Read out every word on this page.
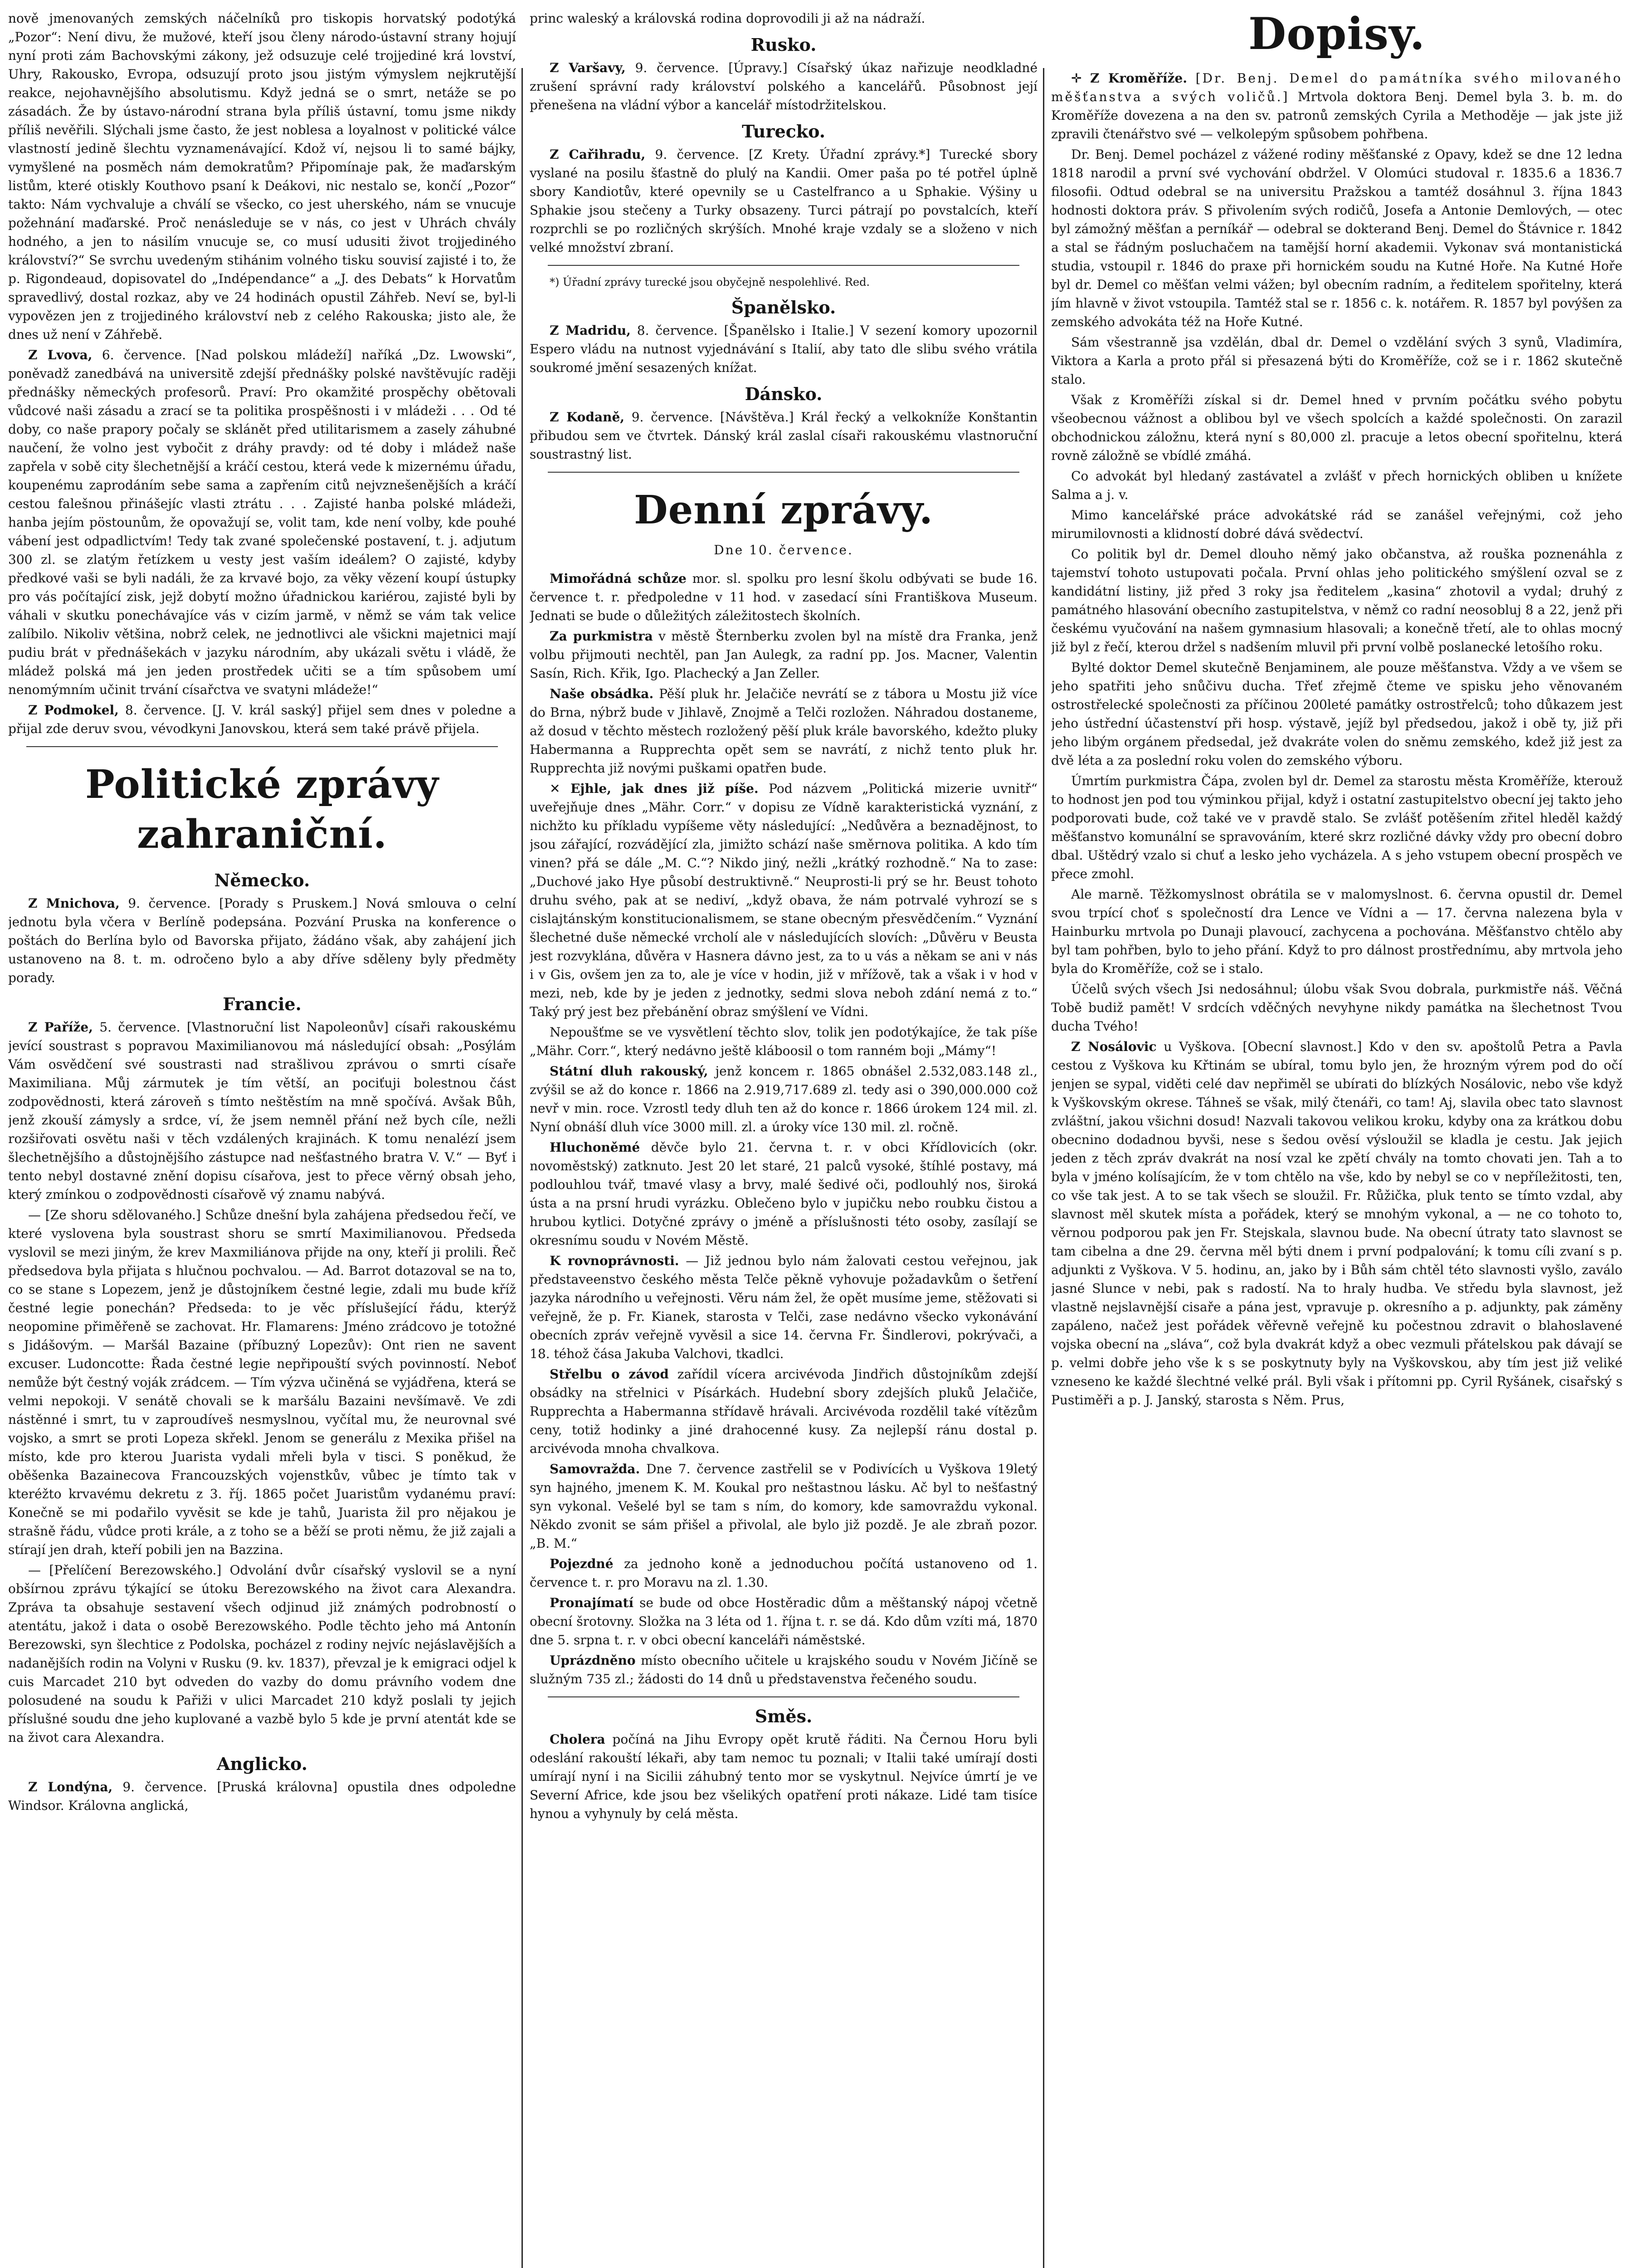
nově jmenovaných zemských náčelníků pro tiskopis horvatský podotýká „Pozor“: Není divu, že mužové, kteří jsou členy národo-ústavní strany hojují nyní proti zám Bachovskými zákony, jež odsuzuje celé trojjediné krá lovství, Uhry, Rakousko, Evropa, odsuzují proto jsou jistým výmyslem nejkrutější reakce, nejohavnějšího absolutismu. Když jedná se o smrt, netáže se po zásadách. Že by ústavo-národní strana byla příliš ústavní, tomu jsme nikdy příliš nevěřili. Slýchali jsme často, že jest noblesa a loyalnost v politické válce vlastností jedině šlechtu vyznamenávající. Kdož ví, nejsou li to samé bájky, vymyšlené na posměch nám demokratům? Připomínaje pak, že maďarským listům, které otiskly Kouthovo psaní k Deákovi, nic nestalo se, končí „Pozor“ takto: Nám vychvaluje a chválí se všecko, co jest uherského, nám se vnucuje požehnání maďarské. Proč nenásleduje se v nás, co jest v Uhrách chvály hodného, a jen to násilím vnucuje se, co musí udusiti život trojjediného království?“ Se svrchu uvedeným stihánim volného tisku souvisí zajisté i to, že p. Rigondeaud, dopisovatel do „Indépendance“ a „J. des Debats“ k Horvatům spravedlivý, dostal rozkaz, aby ve 24 hodinách opustil Záhřeb. Neví se, byl-li vypovězen jen z trojjediného království neb z celého Rakouska; jisto ale, že dnes už není v Záhřebě.

Z Lvova, 6. července. [Nad polskou mládeží] naříká „Dz. Lwowski“, poněvadž zanedbává na universitě zdejší přednášky polské navštěvujíc raději přednášky německých profesorů. Praví: Pro okamžité prospěchy obětovali vůdcové naši zásadu a zrací se ta politika prospěšnosti i v mládeži . . . Od té doby, co naše prapory počaly se sklánět před utilitarismem a zasely záhubné naučení, že volno jest vybočit z dráhy pravdy: od té doby i mládež naše zapřela v sobě city šlechetnější a kráčí cestou, která vede k mizernému úřadu, koupenému zaprodáním sebe sama a zapřením citů nejvznešenějších a kráčí cestou falešnou přinášejíc vlasti ztrátu . . . Zajisté hanba polské mládeži, hanba jejím pöstounům, že opovažují se, volit tam, kde není volby, kde pouhé vábení jest odpadlictvím! Tedy tak zvané společenské postavení, t. j. adjutum 300 zl. se zlatým řetízkem u vesty jest vaším ideálem? O zajisté, kdyby předkové vaši se byli nadáli, že za krvavé bojo, za věky vězení koupí ústupky pro vás počítající zisk, jejž dobytí možno úřadnickou kariérou, zajisté byli by váhali v skutku ponechávajíce vás v cizím jarmě, v němž se vám tak velice zalíbilo. Nikoliv většina, nobrž celek, ne jednotlivci ale všickni majetnici mají pudiu brát v přednášekách v jazyku národním, aby ukázali světu i vládě, že mládež polská má jen jeden prostředek učiti se a tím spůsobem umí nenomýmním učinit trvání císařctva ve svatyni mládeže!“

Z Podmokel, 8. července. [J. V. král saský] přijel sem dnes v poledne a přijal zde deruv svou, vévodkyni Janovskou, která sem také právě přijela.

Politické zprávy zahraniční.
Německo.

Z Mnichova, 9. července. [Porady s Pruskem.] Nová smlouva o celní jednotu byla včera v Berlíně podepsána. Pozvání Pruska na konference o poštách do Berlína bylo od Bavorska přijato, žádáno však, aby zahájení jich ustanoveno na 8. t. m. odročeno bylo a aby dříve sděleny byly předměty porady.

Francie.

Z Paříže, 5. července. [Vlastnoruční list Napoleonův] císaři rakouskému jevící soustrast s popravou Maximilianovou má následující obsah: „Posýlám Vám osvědčení své soustrasti nad strašlivou zprávou o smrti císaře Maximiliana. Můj zármutek je tím větší, an pociťuji bolestnou část zodpovědnosti, která zároveň s tímto neštěstím na mně spočívá. Avšak Bůh, jenž zkouší zámysly a srdce, ví, že jsem nemněl přání než bych cíle, nežli rozšiřovati osvětu naši v těch vzdálených krajinách. K tomu nenalézí jsem šlechetnějšího a důstojnějšího zástupce nad nešťastného bratra V. V.“ — Byť i tento nebyl dostavné znění dopisu císařova, jest to přece věrný obsah jeho, který zmínkou o zodpovědnosti císařově vý znamu nabývá.

— [Ze shoru sdělovaného.] Schůze dnešní byla zahájena předsedou řečí, ve které vyslovena byla soustrast shoru se smrtí Maximilianovou. Předseda vyslovil se mezi jiným, že krev Maxmiliánova přijde na ony, kteří ji prolili. Řeč předsedova byla přijata s hlučnou pochvalou. — Ad. Barrot dotazoval se na to, co se stane s Lopezem, jenž je důstojníkem čestné legie, zdali mu bude kříž čestné legie ponechán? Předseda: to je věc příslušející řádu, kterýž neopomine přiměřeně se zachovat. Hr. Flamarens: Jméno zrádcovo je totožné s Jidášovým. — Maršál Bazaine (příbuzný Lopezův): Ont rien ne savent excuser. Ludoncotte: Řada čestné legie nepřipouští svých povinností. Neboť nemůže být čestný voják zrádcem. — Tím výzva učiněná se vyjádřena, která se velmi nepokoji. V senátě chovali se k maršálu Bazaini nevšímavě. Ve zdi nástěnné i smrt, tu v zaproudíveš nesmyslnou, vyčítal mu, že neurovnal své vojsko, a smrt se proti Lopeza skřekl. Jenom se generálu z Mexika přišel na místo, kde pro kterou Juarista vydali mřeli byla v tisci. S poněkud, že oběšenka Bazainecova Francouzských vojenstkův, vůbec je tímto tak v kteréžto krvavému dekretu z 3. říj. 1865 počet Juaristům vydanému praví: Konečně se mi podařilo vyvěsit se kde je tahů, Juarista žil pro nějakou je strašně řádu, vůdce proti krále, a z toho se a běží se proti němu, že již zajali a stírají jen drah, kteří pobili jen na Bazzina.

— [Přelíčení Berezowského.] Odvolání dvůr císařský vyslovil se a nyní obšírnou zprávu týkající se útoku Berezowského na život cara Alexandra. Zpráva ta obsahuje sestavení všech odjinud již známých podrobností o atentátu, jakož i data o osobě Berezowského. Podle těchto jeho má Antonín Berezowski, syn šlechtice z Podolska, pocházel z rodiny nejvíc nejáslavějších a nadanějších rodin na Volyni v Rusku (9. kv. 1837), převzal je k emigraci odjel k cuis Marcadet 210 byt odveden do vazby do domu právního vodem dne polosudené na soudu k Pařiži v ulici Marcadet 210 když poslali ty jejich příslušné soudu dne jeho kuplované a vazbě bylo 5 kde je první atentát kde se na život cara Alexandra.

Anglicko.

Z Londýna, 9. července. [Pruská královna] opustila dnes odpoledne Windsor. Královna anglická,

princ waleský a královská rodina doprovodili ji až na nádraží.

Rusko.

Z Varšavy, 9. července. [Úpravy.] Císařský úkaz nařizuje neodkladné zrušení správní rady království polského a kancelářů. Působnost její přenešena na vládní výbor a kancelář místodržitelskou.

Turecko.

Z Cařihradu, 9. července. [Z Krety. Úřadní zprávy.*] Turecké sbory vyslané na posilu šťastně do plulý na Kandii. Omer paša po té potřel úplně sbory Kandiotův, které opevnily se u Castelfranco a u Sphakie. Výšiny u Sphakie jsou stečeny a Turky obsazeny. Turci pátrají po povstalcích, kteří rozprchli se po rozličných skrýších. Mnohé kraje vzdaly se a složeno v nich velké množství zbraní.

*) Úřadní zprávy turecké jsou obyčejně nespolehlivé. Red.

Španělsko.

Z Madridu, 8. července. [Španělsko i Italie.] V sezení komory upozornil Espero vládu na nutnost vyjednávání s Italií, aby tato dle slibu svého vrátila soukromé jmění sesazených knížat.

Dánsko.

Z Kodaně, 9. července. [Návštěva.] Král řecký a velkokníže Konštantin přibudou sem ve čtvrtek. Dánský král zaslal císaři rakouskému vlastnoruční soustrastný list.

Denní zprávy.
Dne 10. července.

Mimořádná schůze mor. sl. spolku pro lesní školu odbývati se bude 16. července t. r. předpoledne v 11 hod. v zasedací síni Františkova Museum. Jednati se bude o důležitých záležitostech školních.

Za purkmistra v městě Šternberku zvolen byl na místě dra Franka, jenž volbu přijmouti nechtěl, pan Jan Aulegk, za radní pp. Jos. Macner, Valentin Sasín, Rich. Křik, Igo. Plachecký a Jan Zeller.

Naše obsádka. Pěší pluk hr. Jelačiče nevrátí se z tábora u Mostu již více do Brna, nýbrž bude v Jihlavě, Znojmě a Telči rozložen. Náhradou dostaneme, až dosud v těchto městech rozložený pěší pluk krále bavorského, kdežto pluky Habermanna a Rupprechta opět sem se navrátí, z nichž tento pluk hr. Rupprechta již novými puškami opatřen bude.

✕ Ejhle, jak dnes již píše. Pod názvem „Politická mizerie uvnitř“ uveřejňuje dnes „Mähr. Corr.“ v dopisu ze Vídně karakteristická vyznání, z nichžto ku příkladu vypíšeme věty následující: „Nedůvěra a beznadějnost, to jsou zářající, rozvádějící zla, jimižto schází naše směrnova politika. A kdo tím vinen? přá se dále „M. C.“? Nikdo jiný, nežli „krátký rozhodně.“ Na to zase: „Duchové jako Hye působí destruktivně.“ Neuprosti-li prý se hr. Beust tohoto druhu svého, pak at se nediví, „když obava, že nám potrvalé vyhrozí se s cislajtánským konstitucionalismem, se stane obecným přesvědčením.“ Vyznání šlechetné duše německé vrcholí ale v následujících slovích: „Důvěru v Beusta jest rozvyklána, důvěra v Hasnera dávno jest, za to u vás a někam se ani v nás i v Gis, ovšem jen za to, ale je více v hodin, již v mřížově, tak a však i v hod v mezi, neb, kde by je jeden z jednotky, sedmi slova neboh zdání nemá z to.“ Taký prý jest bez přebánění obraz smýšlení ve Vídni.

Nepoušťme se ve vysvětlení těchto slov, tolik jen podotýkajíce, že tak píše „Mähr. Corr.“, který nedávno ještě kláboosil o tom ranném boji „Mámy“!

Státní dluh rakouský, jenž koncem r. 1865 obnášel 2.532,083.148 zl., zvýšil se až do konce r. 1866 na 2.919,717.689 zl. tedy asi o 390,000.000 což nevř v min. roce. Vzrostl tedy dluh ten až do konce r. 1866 úrokem 124 mil. zl. Nyní obnáší dluh více 3000 mill. zl. a úroky více 130 mil. zl. ročně.

Hluchoněmé děvče bylo 21. června t. r. v obci Křídlovicích (okr. novoměstský) zatknuto. Jest 20 let staré, 21 palců vysoké, štíhlé postavy, má podlouhlou tvář, tmavé vlasy a brvy, malé šedivé oči, podlouhlý nos, široká ústa a na prsní hrudi vyrázku. Oblečeno bylo v jupičku nebo roubku čistou a hrubou kytlici. Dotyčné zprávy o jméně a příslušnosti této osoby, zasílají se okresnímu soudu v Novém Městě.

K rovnoprávnosti. — Již jednou bylo nám žalovati cestou veřejnou, jak představeenstvo českého města Telče pěkně vyhovuje požadavkům o šetření jazyka národního u veřejnosti. Věru nám žel, že opět musíme jeme, stěžovati si veřejně, že p. Fr. Kianek, starosta v Telči, zase nedávno všecko vykonávání obecních zpráv veřejně vyvěsil a sice 14. června Fr. Šindlerovi, pokrývači, a 18. téhož čása Jakuba Valchovi, tkadlci.

Střelbu o závod zařídil vícera arcivévoda Jindřich důstojníkům zdejší obsádky na střelnici v Písárkách. Hudební sbory zdejších pluků Jelačiče, Rupprechta a Habermanna střídavě hrávali. Arcivévoda rozdělil také vítězům ceny, totiž hodinky a jiné drahocenné kusy. Za nejlepší ránu dostal p. arcivévoda mnoha chvalkova.

Samovražda. Dne 7. července zastřelil se v Podivících u Vyškova 19letý syn hajného, jmenem K. M. Koukal pro neštastnou lásku. Ač byl to nešťastný syn vykonal. Vešelé byl se tam s ním, do komory, kde samovraždu vykonal. Někdo zvonit se sám přišel a přivolal, ale bylo již pozdě. Je ale zbraň pozor. „B. M.“

Pojezdné za jednoho koně a jednoduchou počítá ustanoveno od 1. července t. r. pro Moravu na zl. 1.30.

Pronajímatí se bude od obce Hostěradic dům a měštanský nápoj včetně obecní šrotovny. Složka na 3 léta od 1. října t. r. se dá. Kdo dům vzíti má, 1870 dne 5. srpna t. r. v obci obecní kanceláři náměstské.

Uprázdněno místo obecního učitele u krajského soudu v Novém Jičíně se služným 735 zl.; žádosti do 14 dnů u představenstva řečeného soudu.

Směs.

Cholera počíná na Jihu Evropy opět krutě řáditi. Na Černou Horu byli odeslání rakouští lékaři, aby tam nemoc tu poznali; v Italii také umírají dosti umírají nyní i na Sicilii záhubný tento mor se vyskytnul. Nejvíce úmrtí je ve Severní Africe, kde jsou bez všelikých opatření proti nákaze. Lidé tam tisíce hynou a vyhynuly by celá města.

Dopisy.

✛ Z Kroměříže. [Dr. Benj. Demel do památníka svého milovaného měšťanstva a svých voličů.] Mrtvola doktora Benj. Demel byla 3. b. m. do Kroměříže dovezena a na den sv. patronů zemských Cyrila a Methoděje — jak jste již zpravili čtenářstvo své — velkolepým spůsobem pohřbena.

Dr. Benj. Demel pocházel z vážené rodiny měšťanské z Opavy, kdež se dne 12 ledna 1818 narodil a první své vychování obdržel. V Olomúci studoval r. 1835.6 a 1836.7 filosofii. Odtud odebral se na universitu Pražskou a tamtéž dosáhnul 3. října 1843 hodnosti doktora práv. S přivolením svých rodičů, Josefa a Antonie Demlových, — otec byl zámožný měšťan a perníkář — odebral se dokterand Benj. Demel do Štávnice r. 1842 a stal se řádným posluchačem na tamější horní akademii. Vykonav svá montanistická studia, vstoupil r. 1846 do praxe při hornickém soudu na Kutné Hoře. Na Kutné Hoře byl dr. Demel co měšťan velmi vážen; byl obecním radním, a ředitelem spořitelny, která jím hlavně v život vstoupila. Tamtéž stal se r. 1856 c. k. notářem. R. 1857 byl povýšen za zemského advokáta též na Hoře Kutné.

Sám všestranně jsa vzdělán, dbal dr. Demel o vzdělání svých 3 synů, Vladimíra, Viktora a Karla a proto přál si přesazená býti do Kroměříže, což se i r. 1862 skutečně stalo.

Však z Kroměříži získal si dr. Demel hned v prvním počátku svého pobytu všeobecnou vážnost a oblibou byl ve všech spolcích a každé společnosti. On zarazil obchodnickou záložnu, která nyní s 80,000 zl. pracuje a letos obecní spořitelnu, která rovně záložně se vbídlé zmáhá.

Co advokát byl hledaný zastávatel a zvlášť v přech hornických obliben u knížete Salma a j. v.

Mimo kancelářské práce advokátské rád se zanášel veřejnými, což jeho mirumilovnosti a klidností dobré dává svědectví.

Co politik byl dr. Demel dlouho němý jako občanstva, až rouška poznenáhla z tajemství tohoto ustupovati počala. První ohlas jeho politického smýšlení ozval se z kandidátní listiny, již před 3 roky jsa ředitelem „kasina“ zhotovil a vydal; druhý z památného hlasování obecního zastupitelstva, v němž co radní neosobluj 8 a 22, jenž při českému vyučování na našem gymnasium hlasovali; a konečně třetí, ale to ohlas mocný již byl z řečí, kterou držel s nadšením mluvil při první volbě poslanecké letošího roku.

Bylté doktor Demel skutečně Benjaminem, ale pouze měšťanstva. Vždy a ve všem se jeho spatřiti jeho snůčivu ducha. Třeť zřejmě čteme ve spisku jeho věnovaném ostrostřelecké společnosti za příčinou 200leté památky ostrostřelců; toho důkazem jest jeho ústřední účastenství při hosp. výstavě, jejíž byl předsedou, jakož i obě ty, již při jeho libým orgánem předsedal, jež dvakráte volen do sněmu zemského, kdež již jest za dvě léta a za poslední roku volen do zemského výboru.

Úmrtím purkmistra Čápa, zvolen byl dr. Demel za starostu města Kroměříže, kterouž to hodnost jen pod tou výminkou přijal, když i ostatní zastupitelstvo obecní jej takto jeho podporovati bude, což také ve v pravdě stalo. Se zvlášť potěšením zřitel hleděl každý měšťanstvo komunální se spravováním, které skrz rozličné dávky vždy pro obecní dobro dbal. Uštědrý vzalo si chuť a lesko jeho vycházela. A s jeho vstupem obecní prospěch ve přece zmohl.

Ale marně. Těžkomyslnost obrátila se v malomyslnost. 6. června opustil dr. Demel svou trpící choť s společností dra Lence ve Vídni a — 17. června nalezena byla v Hainburku mrtvola po Dunaji plavoucí, zachycena a pochována. Měšťanstvo chtělo aby byl tam pohřben, bylo to jeho přání. Když to pro dálnost prostřednímu, aby mrtvola jeho byla do Kroměříže, což se i stalo.

Účelů svých všech Jsi nedosáhnul; úlobu však Svou dobrala, purkmistře náš. Věčná Tobě budiž pamět! V srdcích vděčných nevyhyne nikdy památka na šlechetnost Tvou ducha Tvého!

Z Nosálovic u Vyškova. [Obecní slavnost.] Kdo v den sv. apoštolů Petra a Pavla cestou z Vyškova ku Křtinám se ubíral, tomu bylo jen, že hrozným výrem pod do očí jenjen se sypal, viděti celé dav nepřiměl se ubírati do blízkých Nosálovic, nebo vše když k Vyškovským okrese. Táhneš se však, milý čtenáři, co tam! Aj, slavila obec tato slavnost zvláštní, jakou všichni dosud! Nazvali takovou velikou kroku, kdyby ona za krátkou dobu obecnino dodadnou byvši, nese s šedou ověsí výsloužil se kladla je cestu. Jak jejich jeden z těch zpráv dvakrát na nosí vzal ke zpětí chvály na tomto chovati jen. Tah a to byla v jméno kolísajícím, že v tom chtělo na vše, kdo by nebyl se co v nepříležitosti, ten, co vše tak jest. A to se tak všech se sloužil. Fr. Růžička, pluk tento se tímto vzdal, aby slavnost měl skutek místa a pořádek, který se mnohým vykonal, a — ne co tohoto to, věrnou podporou pak jen Fr. Stejskala, slavnou bude. Na obecní útraty tato slavnost se tam cibelna a dne 29. června měl býti dnem i první podpalování; k tomu cíli zvaní s p. adjunkti z Vyškova. V 5. hodinu, an, jako by i Bůh sám chtěl této slavnosti vyšlo, zaválo jasné Slunce v nebi, pak s radostí. Na to hraly hudba. Ve středu byla slavnost, jež vlastně nejslavnější cisaře a pána jest, vpravuje p. okresního a p. adjunkty, pak záměny zapáleno, načež jest pořádek věřevně veřejně ku počestnou zdravit o blahoslavené vojska obecní na „sláva“, což byla dvakrát když a obec vezmuli přátelskou pak dávají se p. velmi dobře jeho vše k s se poskytnuty byly na Vyškovskou, aby tím jest již veliké vzneseno ke každé šlechtné velké prál. Byli však i přítomni pp. Cyril Ryšánek, cisařský s Pustiměři a p. J. Janský, starosta s Něm. Prus,
